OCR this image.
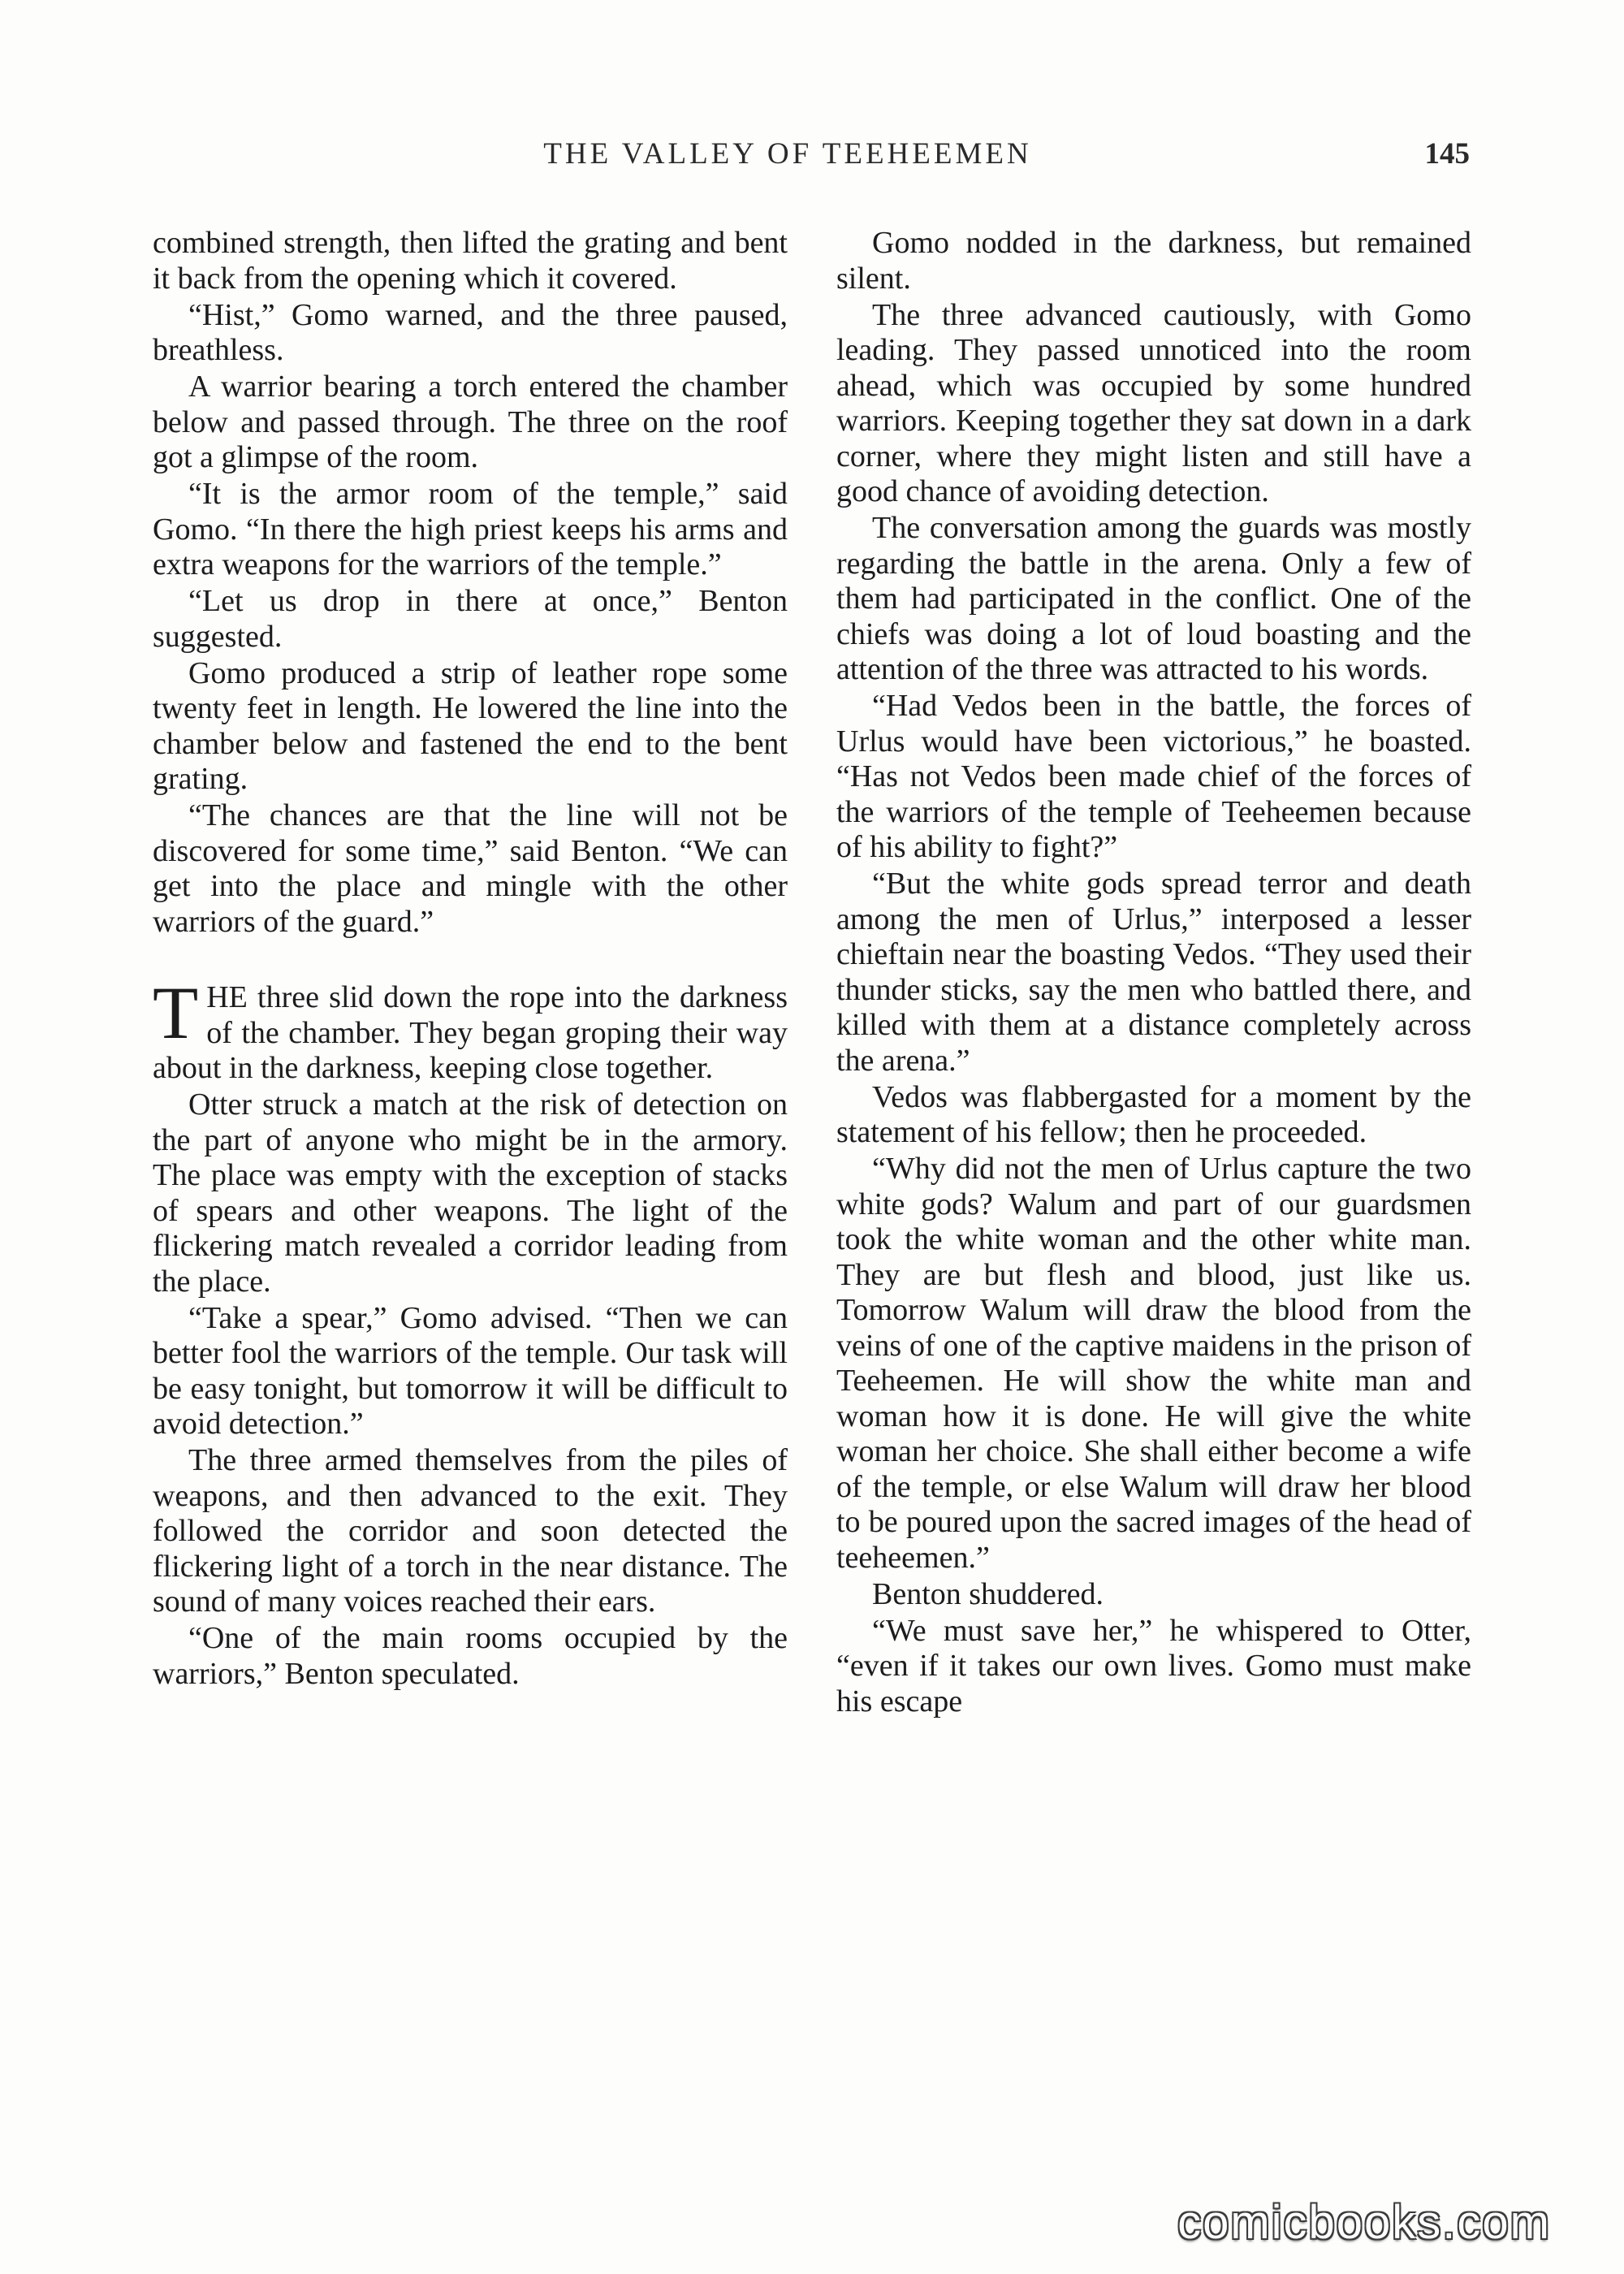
THE VALLEY OF TEEHEEMEN	145

combined strength, then lifted the grating and bent it back from the opening which it covered.

“Hist,” Gomo warned, and the three paused, breathless.

A warrior bearing a torch entered the chamber below and passed through. The three on the roof got a glimpse of the room.

“It is the armor room of the temple,” said Gomo. “In there the high priest keeps his arms and extra weapons for the warriors of the temple.”

“Let us drop in there at once,” Benton suggested.

Gomo produced a strip of leather rope some twenty feet in length. He lowered the line into the chamber below and fastened the end to the bent grating.

“The chances are that the line will not be discovered for some time,” said Benton. “We can get into the place and mingle with the other warriors of the guard.”

THE three slid down the rope into the darkness of the chamber. They began groping their way about in the darkness, keeping close together.

Otter struck a match at the risk of detection on the part of anyone who might be in the armory. The place was empty with the exception of stacks of spears and other weapons. The light of the flickering match revealed a corridor leading from the place.

“Take a spear,” Gomo advised. “Then we can better fool the warriors of the temple. Our task will be easy tonight, but tomorrow it will be difficult to avoid detection.”

The three armed themselves from the piles of weapons, and then advanced to the exit. They followed the corridor and soon detected the flickering light of a torch in the near distance. The sound of many voices reached their ears.

“One of the main rooms occupied by the warriors,” Benton speculated.

Gomo nodded in the darkness, but remained silent.

The three advanced cautiously, with Gomo leading. They passed unnoticed into the room ahead, which was occupied by some hundred warriors. Keeping together they sat down in a dark corner, where they might listen and still have a good chance of avoiding detection.

The conversation among the guards was mostly regarding the battle in the arena. Only a few of them had participated in the conflict. One of the chiefs was doing a lot of loud boasting and the attention of the three was attracted to his words.

“Had Vedos been in the battle, the forces of Urlus would have been victorious,” he boasted. “Has not Vedos been made chief of the forces of the warriors of the temple of Teeheemen because of his ability to fight?”

“But the white gods spread terror and death among the men of Urlus,” interposed a lesser chieftain near the boasting Vedos. “They used their thunder sticks, say the men who battled there, and killed with them at a distance completely across the arena.”

Vedos was flabbergasted for a moment by the statement of his fellow; then he proceeded.

“Why did not the men of Urlus capture the two white gods? Walum and part of our guardsmen took the white woman and the other white man. They are but flesh and blood, just like us. Tomorrow Walum will draw the blood from the veins of one of the captive maidens in the prison of Teeheemen. He will show the white man and woman how it is done. He will give the white woman her choice. She shall either become a wife of the temple, or else Walum will draw her blood to be poured upon the sacred images of the head of teeheemen.”

Benton shuddered.

“We must save her,” he whispered to Otter, “even if it takes our own lives. Gomo must make his escape

comicbooks.com
